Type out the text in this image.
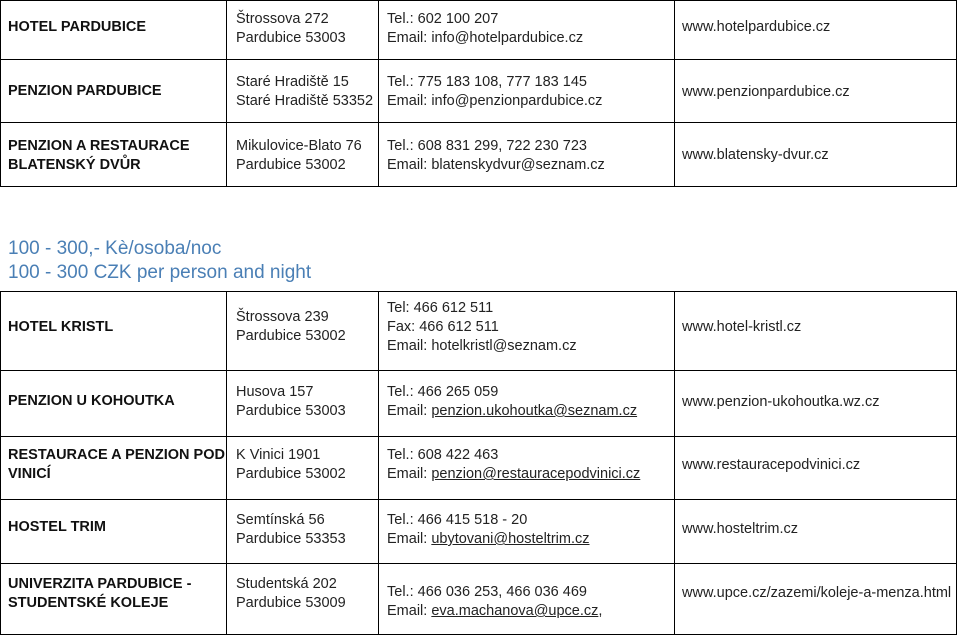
HOTEL PARDUBICE	Štrossova 272
Pardubice 53003
Tel.: 602 100 207
Email: info@hotelpardubice.cz
www.hotelpardubice.cz
PENZION PARDUBICE
Staré Hradiště 15
Staré Hradiště 53352
Tel.: 775 183 108, 777 183 145
Email: info@penzionpardubice.cz
www.penzionpardubice.cz
PENZION A RESTAURACE
BLATENSKÝ DVŮR
Mikulovice-Blato 76
Pardubice 53002
Tel.: 608 831 299, 722 230 723
Email: blatenskydvur@seznam.cz
www.blatensky-dvur.cz
100 - 300,- Kè/osoba/noc
100 - 300 CZK per person and night
HOTEL KRISTL
Štrossova 239
Pardubice 53002
Tel: 466 612 511
Fax: 466 612 511
Email: hotelkristl@seznam.cz
www.hotel-kristl.cz
PENZION U KOHOUTKA
Husova 157
Pardubice 53003
Tel.: 466 265 059
Email: penzion.ukohoutka@seznam.cz
www.penzion-ukohoutka.wz.cz
RESTAURACE A PENZION POD
VINICÍ
K Vinici 1901
Pardubice 53002
Tel.: 608 422 463
Email: penzion@restauracepodvinici.cz
www.restauracepodvinici.cz
HOSTEL TRIM	Semtínská 56
Pardubice 53353
Tel.: 466 415 518 - 20
Email: ubytovani@hosteltrim.cz
www.hosteltrim.cz
UNIVERZITA PARDUBICE -
STUDENTSKÉ KOLEJE
Studentská 202
Pardubice 53009
Tel.: 466 036 253, 466 036 469
Email: eva.machanova@upce.cz,
www.upce.cz/zazemi/koleje-a-menza.html
